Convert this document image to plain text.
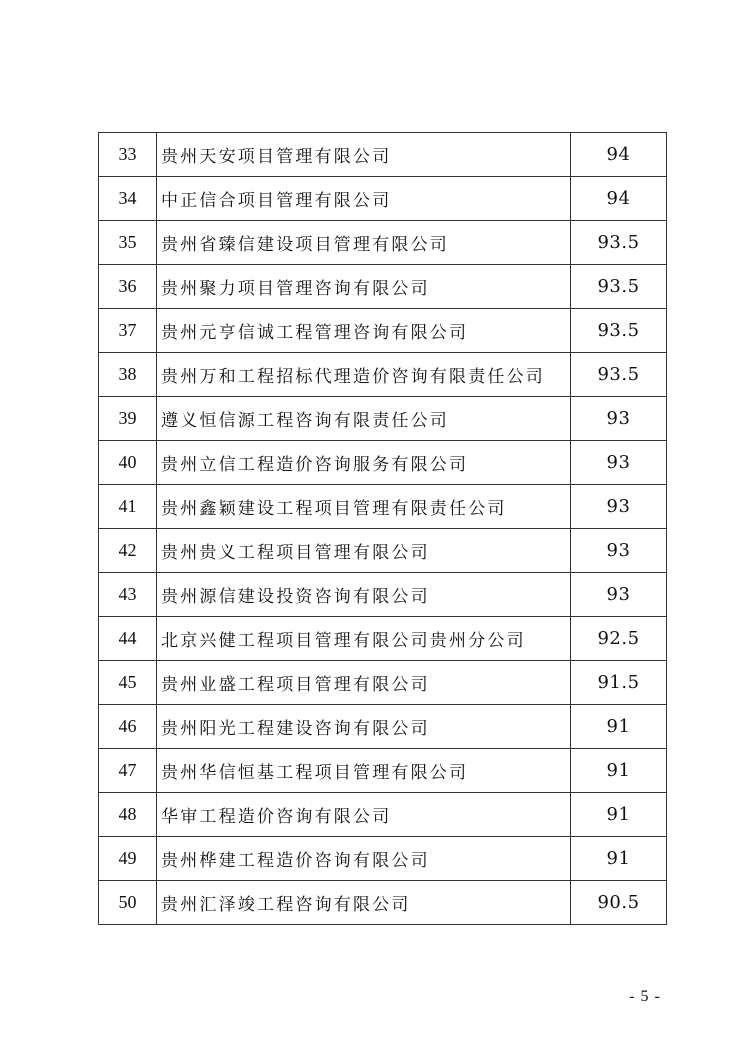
33	贵州天安项目管理有限公司	94
34	中正信合项目管理有限公司	94
35	贵州省臻信建设项目管理有限公司	93.5
36	贵州聚力项目管理咨询有限公司	93.5
37	贵州元亨信诚工程管理咨询有限公司	93.5
38	贵州万和工程招标代理造价咨询有限责任公司	93.5
39	遵义恒信源工程咨询有限责任公司	93
40	贵州立信工程造价咨询服务有限公司	93
41	贵州鑫颖建设工程项目管理有限责任公司	93
42	贵州贵义工程项目管理有限公司	93
43	贵州源信建设投资咨询有限公司	93
44	北京兴健工程项目管理有限公司贵州分公司	92.5
45	贵州业盛工程项目管理有限公司	91.5
46	贵州阳光工程建设咨询有限公司	91
47	贵州华信恒基工程项目管理有限公司	91
48	华审工程造价咨询有限公司	91
49	贵州桦建工程造价咨询有限公司	91
50	贵州汇泽竣工程咨询有限公司	90.5
- 5 -
